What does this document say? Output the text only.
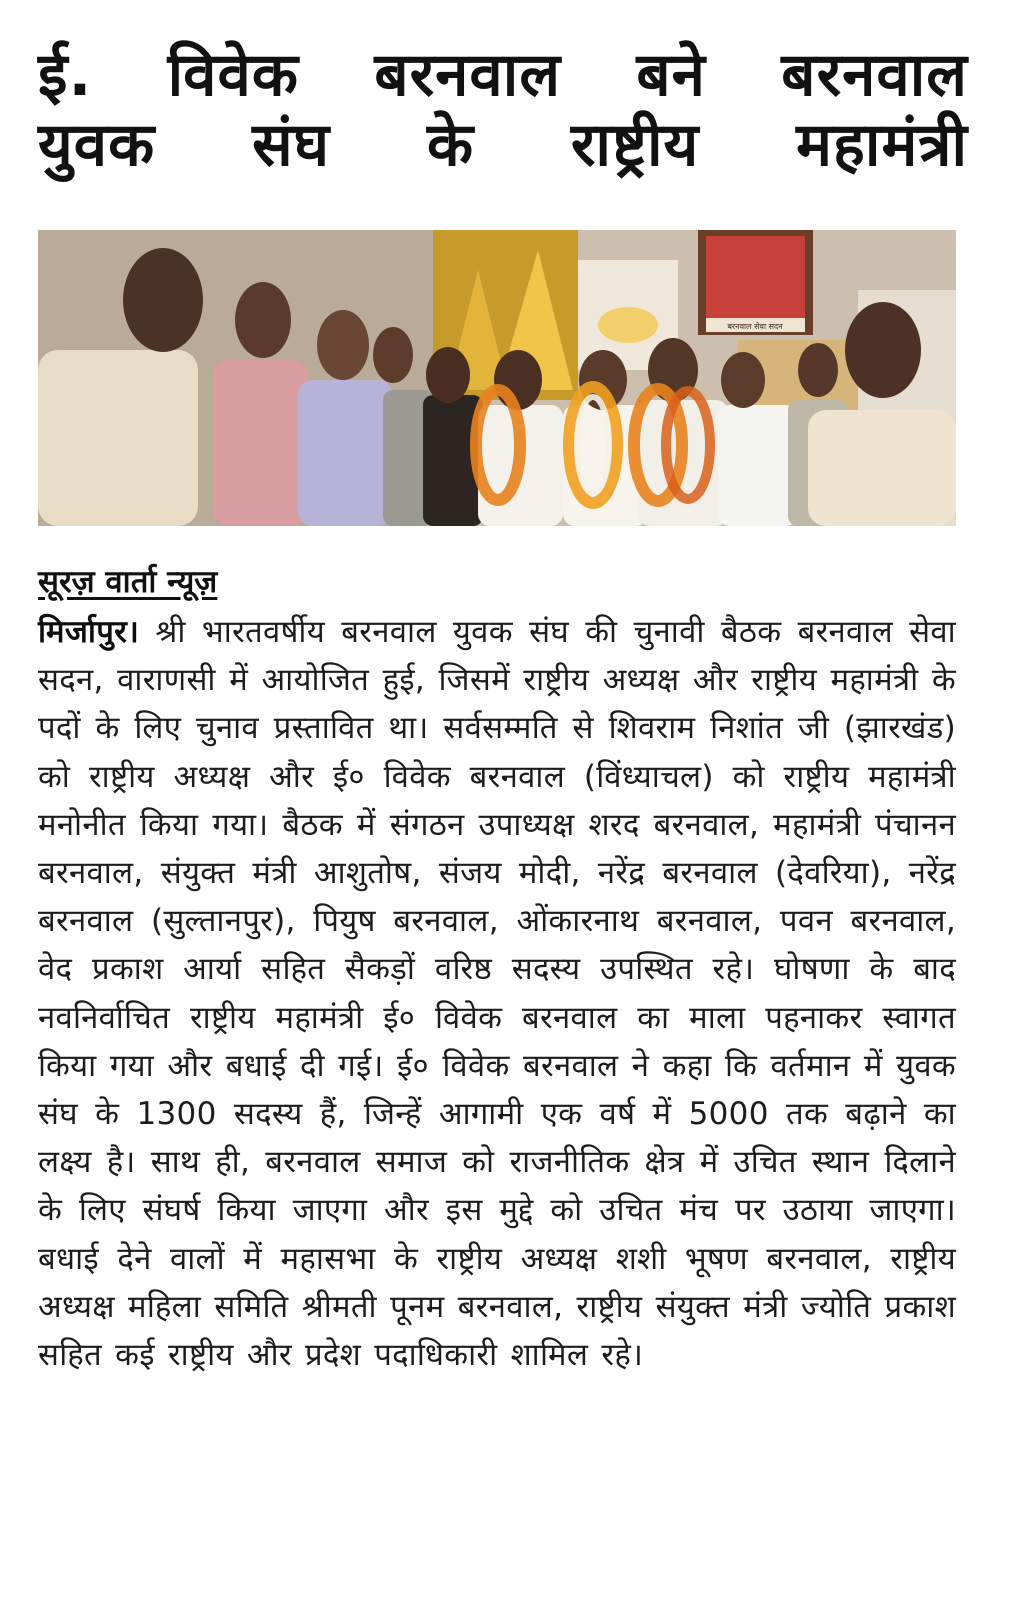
ई. विवेक बरनवाल बने बरनवाल
युवक संघ के राष्ट्रीय महामंत्री
बरनवाल सेवा सदन

सूरज़ वार्ता न्यूज़

मिर्जापुर। श्री भारतवर्षीय बरनवाल युवक संघ की चुनावी बैठक बरनवाल सेवा सदन, वाराणसी में आयोजित हुई, जिसमें राष्ट्रीय अध्यक्ष और राष्ट्रीय महामंत्री के पदों के लिए चुनाव प्रस्तावित था। सर्वसम्मति से शिवराम निशांत जी (झारखंड) को राष्ट्रीय अध्यक्ष और ई० विवेक बरनवाल (विंध्याचल) को राष्ट्रीय महामंत्री मनोनीत किया गया। बैठक में संगठन उपाध्यक्ष शरद बरनवाल, महामंत्री पंचानन बरनवाल, संयुक्त मंत्री आशुतोष, संजय मोदी, नरेंद्र बरनवाल (देवरिया), नरेंद्र बरनवाल (सुल्तानपुर), पियुष बरनवाल, ओंकारनाथ बरनवाल, पवन बरनवाल, वेद प्रकाश आर्या सहित सैकड़ों वरिष्ठ सदस्य उपस्थित रहे। घोषणा के बाद नवनिर्वाचित राष्ट्रीय महामंत्री ई० विवेक बरनवाल का माला पहनाकर स्वागत किया गया और बधाई दी गई। ई० विवेक बरनवाल ने कहा कि वर्तमान में युवक संघ के 1300 सदस्य हैं, जिन्हें आगामी एक वर्ष में 5000 तक बढ़ाने का लक्ष्य है। साथ ही, बरनवाल समाज को राजनीतिक क्षेत्र में उचित स्थान दिलाने के लिए संघर्ष किया जाएगा और इस मुद्दे को उचित मंच पर उठाया जाएगा। बधाई देने वालों में महासभा के राष्ट्रीय अध्यक्ष शशी भूषण बरनवाल, राष्ट्रीय अध्यक्ष महिला समिति श्रीमती पूनम बरनवाल, राष्ट्रीय संयुक्त मंत्री ज्योति प्रकाश सहित कई राष्ट्रीय और प्रदेश पदाधिकारी शामिल रहे।
